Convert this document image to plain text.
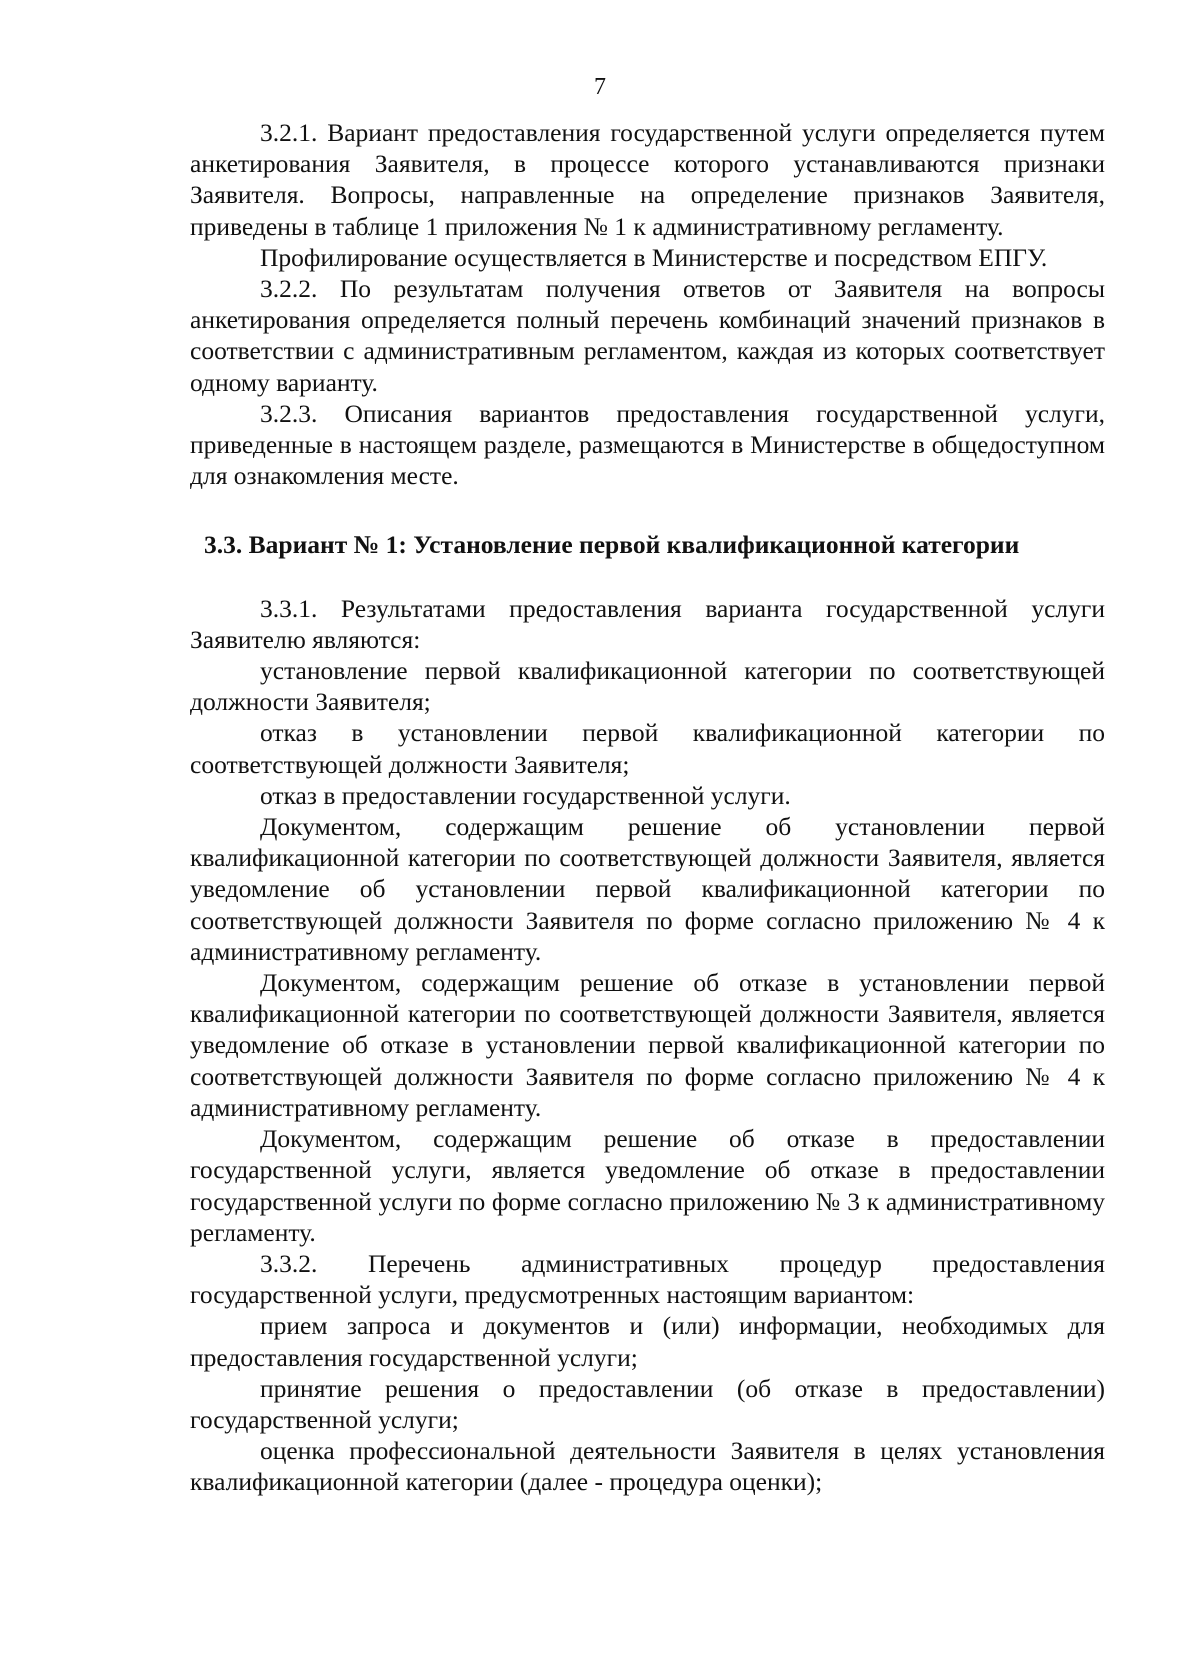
7

3.2.1. Вариант предоставления государственной услуги определяется путем анкетирования Заявителя, в процессе которого устанавливаются признаки Заявителя. Вопросы, направленные на определение признаков Заявителя, приведены в таблице 1 приложения № 1 к административному регламенту.

Профилирование осуществляется в Министерстве и посредством ЕПГУ.

3.2.2. По результатам получения ответов от Заявителя на вопросы анкетирования определяется полный перечень комбинаций значений признаков в соответствии с административным регламентом, каждая из которых соответствует одному варианту.

3.2.3. Описания вариантов предоставления государственной услуги, приведенные в настоящем разделе, размещаются в Министерстве в общедоступном для ознакомления месте.

3.3. Вариант № 1: Установление первой квалификационной категории

3.3.1. Результатами предоставления варианта государственной услуги Заявителю являются:

установление первой квалификационной категории по соответствующей должности Заявителя;

отказ в установлении первой квалификационной категории по соответствующей должности Заявителя;

отказ в предоставлении государственной услуги.

Документом, содержащим решение об установлении первой квалификационной категории по соответствующей должности Заявителя, является уведомление об установлении первой квалификационной категории по соответствующей должности Заявителя по форме согласно приложению № 4 к административному регламенту.

Документом, содержащим решение об отказе в установлении первой квалификационной категории по соответствующей должности Заявителя, является уведомление об отказе в установлении первой квалификационной категории по соответствующей должности Заявителя по форме согласно приложению № 4 к административному регламенту.

Документом, содержащим решение об отказе в предоставлении государственной услуги, является уведомление об отказе в предоставлении государственной услуги по форме согласно приложению № 3 к административному регламенту.

3.3.2. Перечень административных процедур предоставления государственной услуги, предусмотренных настоящим вариантом:

прием запроса и документов и (или) информации, необходимых для предоставления государственной услуги;

принятие решения о предоставлении (об отказе в предоставлении) государственной услуги;

оценка профессиональной деятельности Заявителя в целях установления квалификационной категории (далее - процедура оценки);
